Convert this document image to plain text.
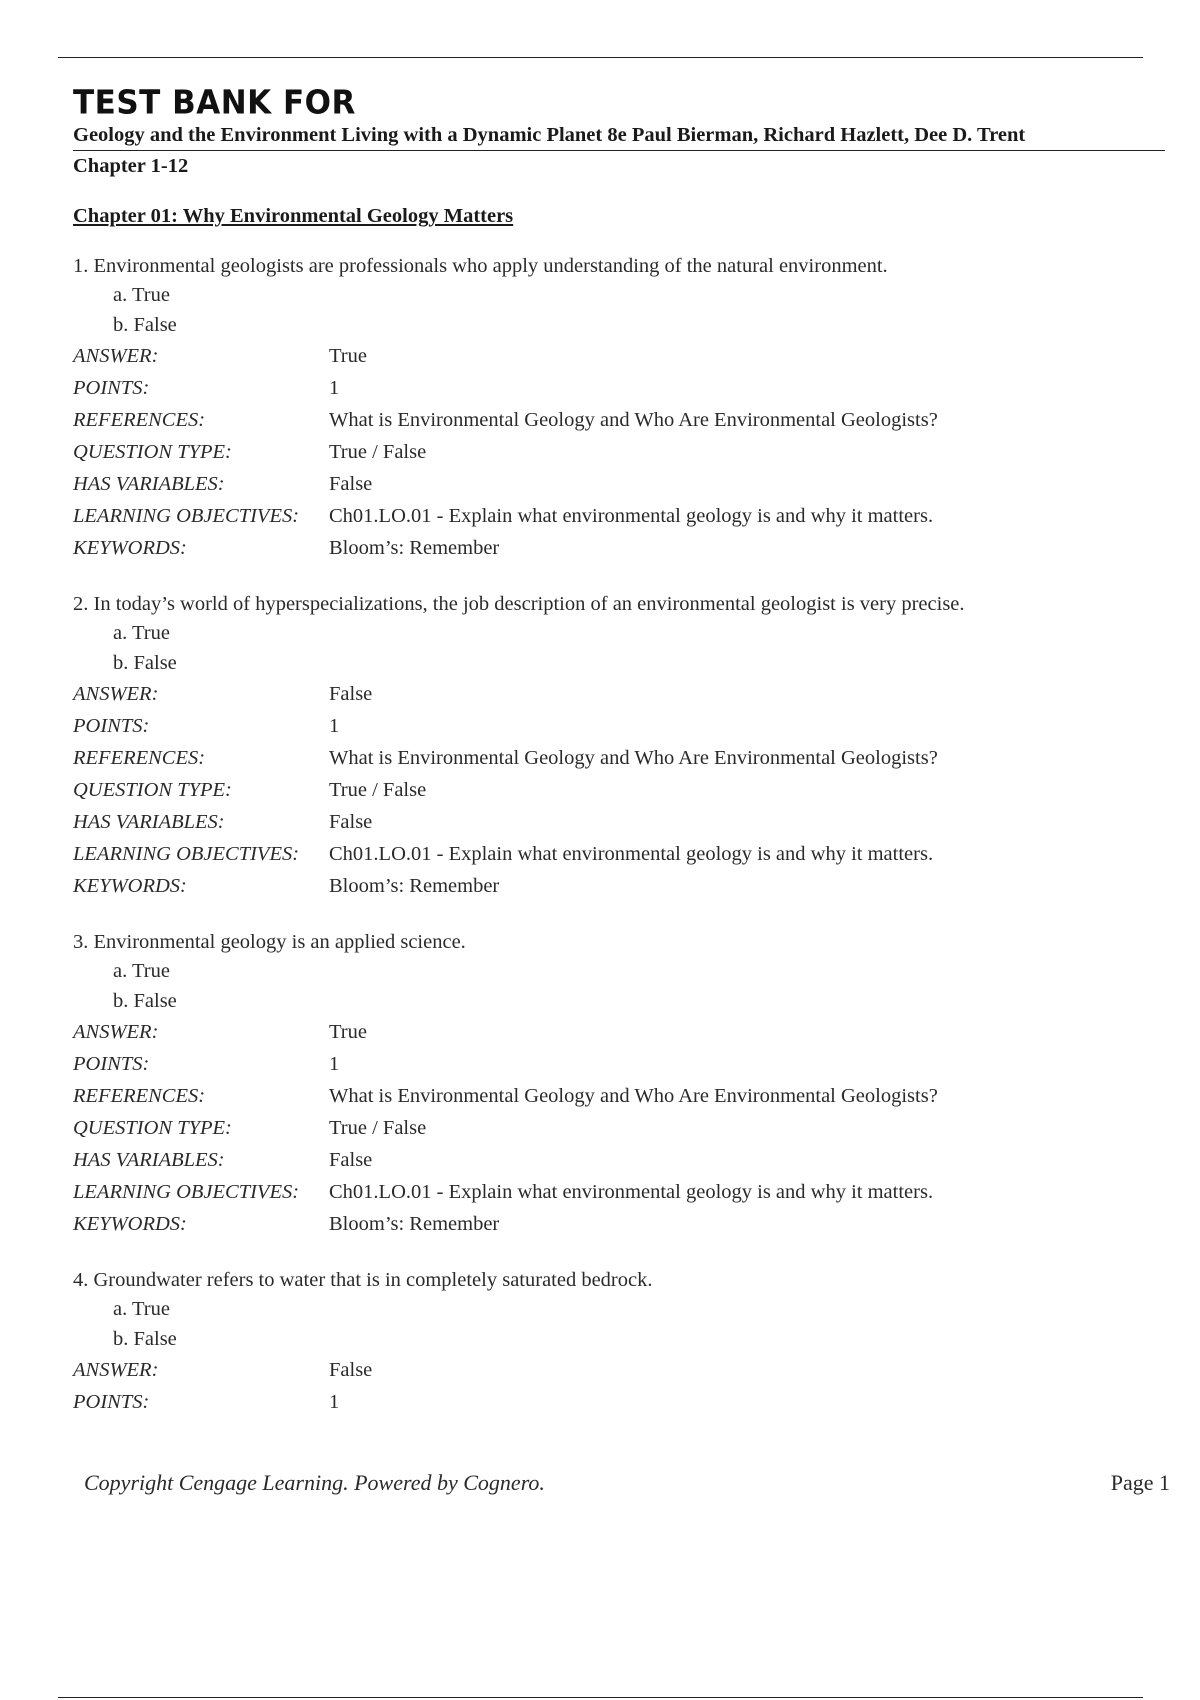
TEST BANK FOR
Geology and the Environment Living with a Dynamic Planet 8e Paul Bierman, Richard Hazlett, Dee D. Trent
Chapter 1-12
Chapter 01: Why Environmental Geology Matters
1. Environmental geologists are professionals who apply understanding of the natural environment.
a. True
b. False
ANSWER:	True
POINTS:	1
REFERENCES:	What is Environmental Geology and Who Are Environmental Geologists?
QUESTION TYPE:	True / False
HAS VARIABLES:	False
LEARNING OBJECTIVES:	Ch01.LO.01 - Explain what environmental geology is and why it matters.
KEYWORDS:	Bloom’s: Remember
2. In today’s world of hyperspecializations, the job description of an environmental geologist is very precise.
a. True
b. False
ANSWER:	False
POINTS:	1
REFERENCES:	What is Environmental Geology and Who Are Environmental Geologists?
QUESTION TYPE:	True / False
HAS VARIABLES:	False
LEARNING OBJECTIVES:	Ch01.LO.01 - Explain what environmental geology is and why it matters.
KEYWORDS:	Bloom’s: Remember
3. Environmental geology is an applied science.
a. True
b. False
ANSWER:	True
POINTS:	1
REFERENCES:	What is Environmental Geology and Who Are Environmental Geologists?
QUESTION TYPE:	True / False
HAS VARIABLES:	False
LEARNING OBJECTIVES:	Ch01.LO.01 - Explain what environmental geology is and why it matters.
KEYWORDS:	Bloom’s: Remember
4. Groundwater refers to water that is in completely saturated bedrock.
a. True
b. False
ANSWER:	False
POINTS:	1
Copyright Cengage Learning. Powered by Cognero.	Page 1
